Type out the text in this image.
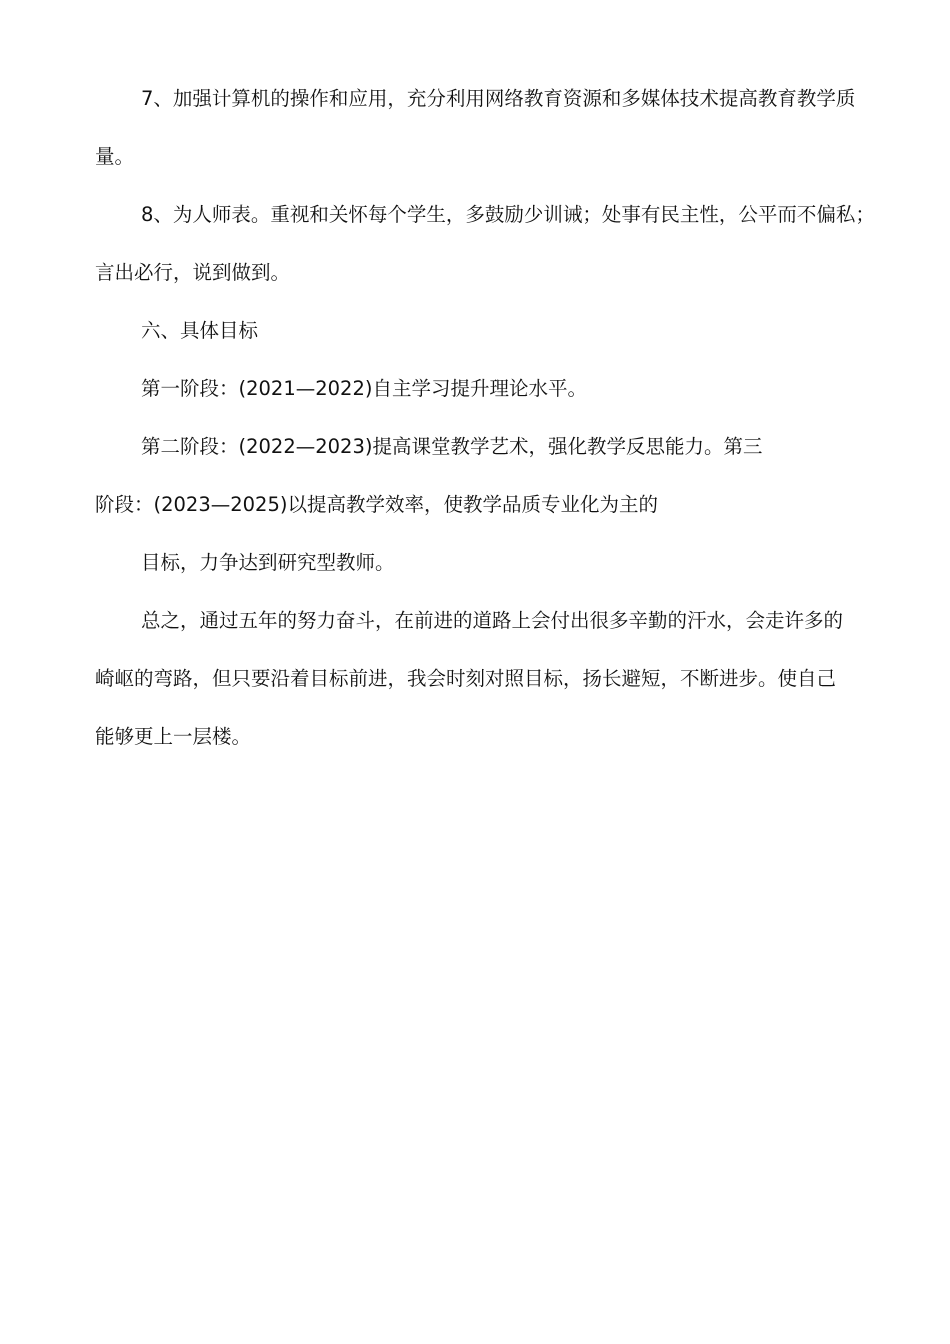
7、加强计算机的操作和应用，充分利用网络教育资源和多媒体技术提高教育教学质
量。
8、为人师表。重视和关怀每个学生，多鼓励少训诫；处事有民主性，公平而不偏私；
言出必行，说到做到。
六、具体目标
第一阶段：(2021—2022)自主学习提升理论水平。
第二阶段：(2022—2023)提高课堂教学艺术，强化教学反思能力。第三
阶段：(2023—2025)以提高教学效率，使教学品质专业化为主的
目标，力争达到研究型教师。
总之，通过五年的努力奋斗，在前进的道路上会付出很多辛勤的汗水，会走许多的
崎岖的弯路，但只要沿着目标前进，我会时刻对照目标，扬长避短，不断进步。使自己
能够更上一层楼。
